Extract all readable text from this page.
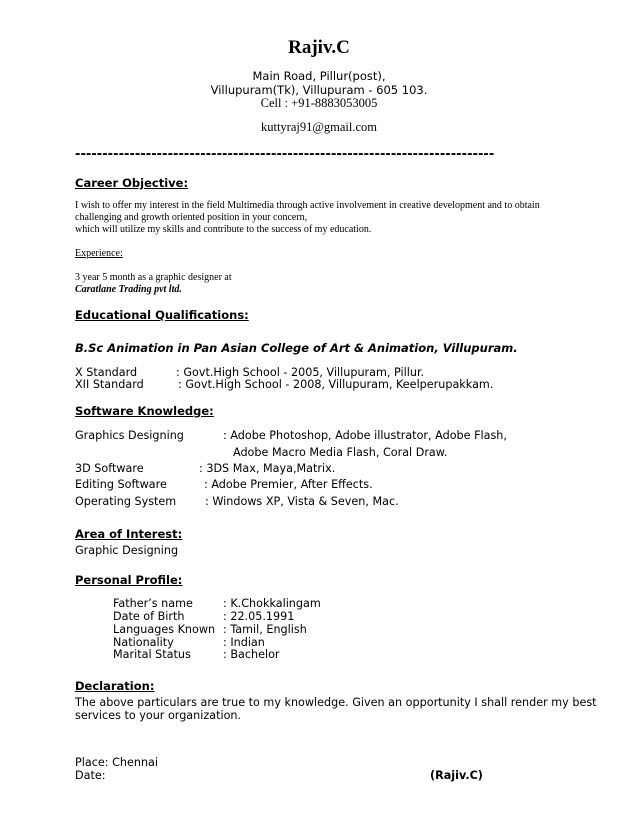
Rajiv.C
Main Road, Pillur(post),
Villupuram(Tk), Villupuram - 605 103.
Cell : +91-8883053005
kuttyraj91@gmail.com
-----------------------------------------------------------------------------
Career Objective:
I wish to offer my interest in the field Multimedia through active involvement in creative development and to obtain
challenging and growth oriented position in your concern,
which will utilize my skills and contribute to the success of my education.
Experience:
3 year 5 month as a graphic designer at
Caratlane Trading pvt ltd.
Educational Qualifications:
B.Sc Animation in Pan Asian College of Art & Animation, Villupuram.
X Standard	: Govt.High School - 2005, Villupuram, Pillur.
XII Standard	: Govt.High School - 2008, Villupuram, Keelperupakkam.
Software Knowledge:
Graphics Designing	: Adobe Photoshop, Adobe illustrator, Adobe Flash,
Adobe Macro Media Flash, Coral Draw.
3D Software	: 3DS Max, Maya,Matrix.
Editing Software	: Adobe Premier, After Effects.
Operating System	: Windows XP, Vista & Seven, Mac.
Area of Interest:
Graphic Designing
Personal Profile:
Father’s name	: K.Chokkalingam
Date of Birth	: 22.05.1991
Languages Known : Tamil, English
Nationality	: Indian
Marital Status	: Bachelor
Declaration:
The above particulars are true to my knowledge. Given an opportunity I shall render my best
services to your organization.
Place: Chennai
Date:	(Rajiv.C)
